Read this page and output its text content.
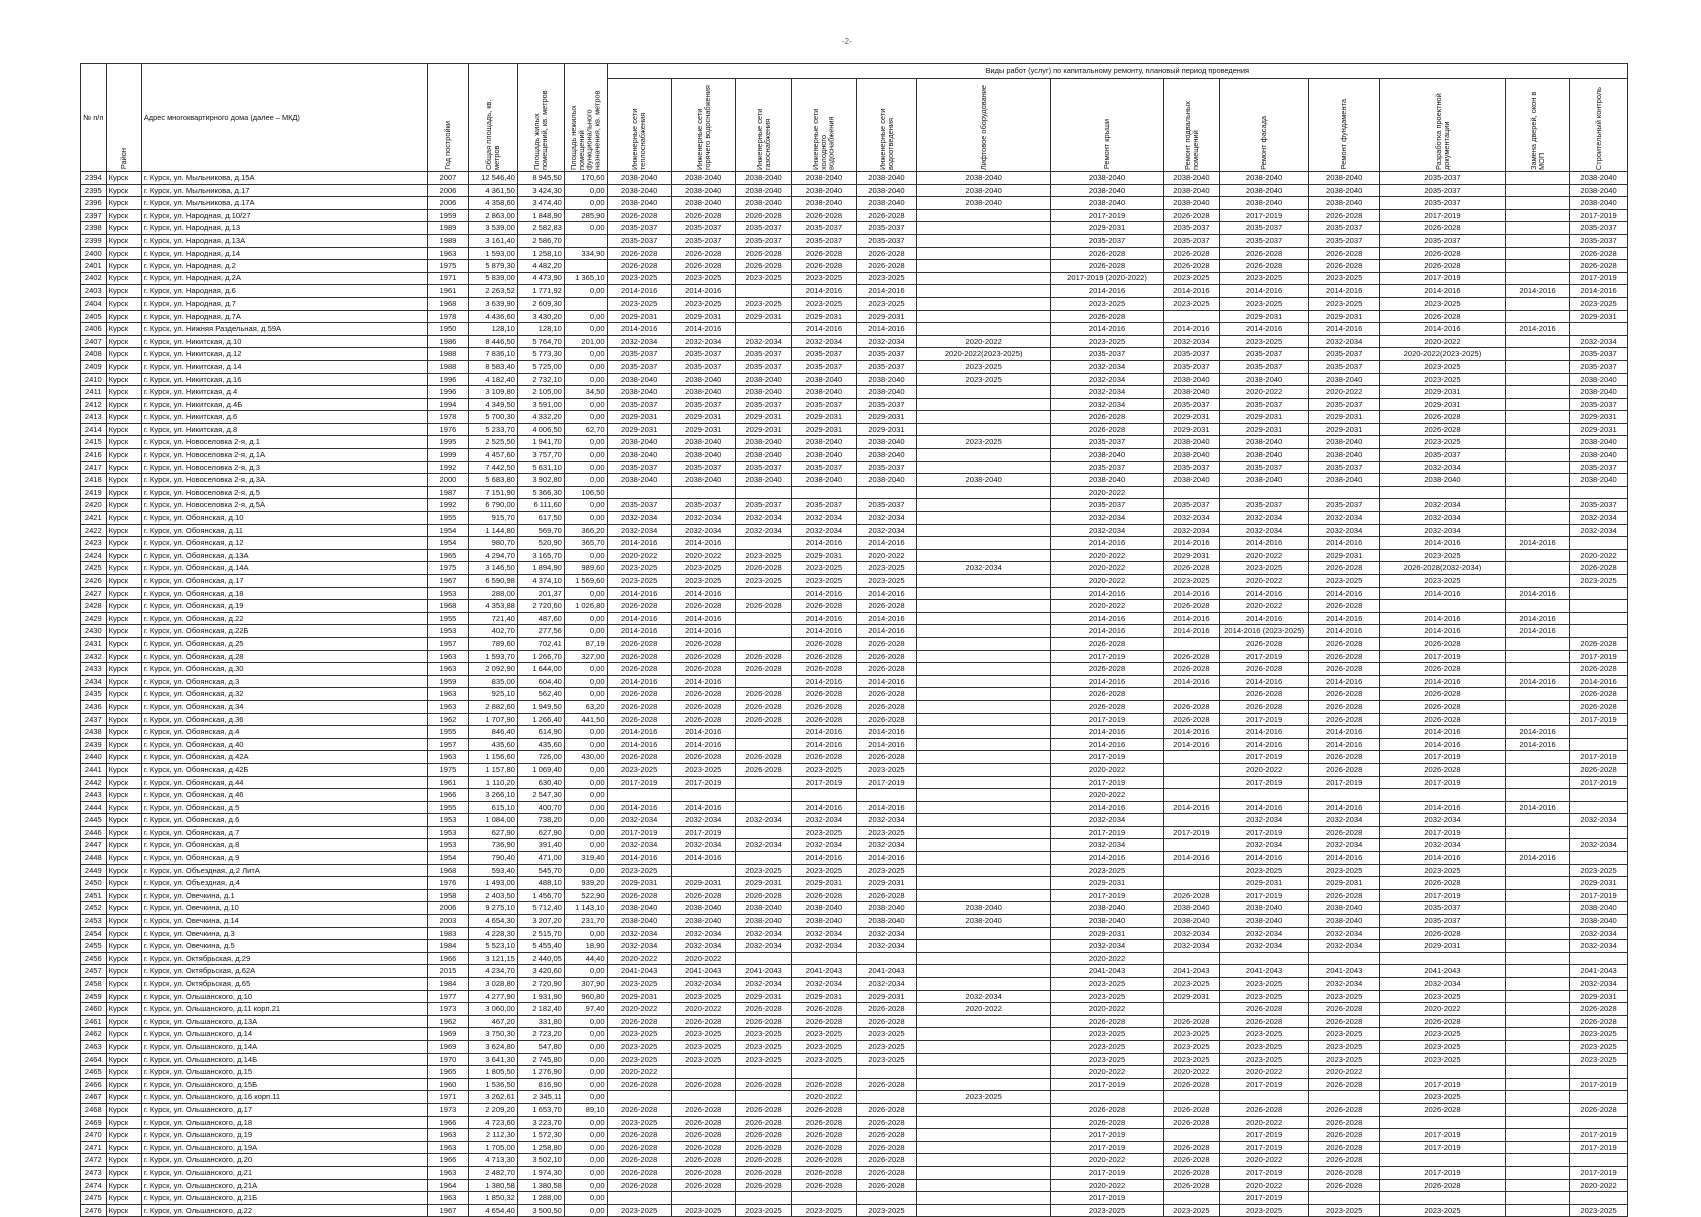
-2-
№ п/п	Район	Адрес многоквартирного дома (далее – МКД)	Год постройки	Общая площадь, кв. метров	Площадь жилых помещений, кв. метров	Площадь нежилых помещений функционального назначения, кв. метров	Виды работ (услуг) по капитальному ремонту, плановый период проведения												
							Инженерные сети теплоснабжения	Инженерные сети горячего водоснабжения	Инженерные сети газоснабжения	Инженерные сети холодного водоснабжения	Инженерные сети водоотведения	Лифтовое оборудование	Ремонт крыши	Ремонт подвальных помещений	Ремонт фасада	Ремонт фундамента	Разработка проектной документации	Замена дверей, окон в МОП	Строительный контроль
2394	Курск	г. Курск, ул. Мыльникова, д.15А	2007	12 546,40	8 945,50	170,60	2038-2040	2038-2040	2038-2040	2038-2040	2038-2040	2038-2040	2038-2040	2038-2040	2038-2040	2038-2040	2035-2037		2038-2040
2395	Курск	г. Курск, ул. Мыльникова, д.17	2006	4 361,50	3 424,30	0,00	2038-2040	2038-2040	2038-2040	2038-2040	2038-2040	2038-2040	2038-2040	2038-2040	2038-2040	2038-2040	2035-2037		2038-2040
2396	Курск	г. Курск, ул. Мыльникова, д.17А	2006	4 358,60	3 474,40	0,00	2038-2040	2038-2040	2038-2040	2038-2040	2038-2040	2038-2040	2038-2040	2038-2040	2038-2040	2038-2040	2035-2037		2038-2040
2397	Курск	г. Курск, ул. Народная, д.10/27	1959	2 863,00	1 848,90	285,90	2026-2028	2026-2028	2026-2028	2026-2028	2026-2028		2017-2019	2026-2028	2017-2019	2026-2028	2017-2019		2017-2019
2398	Курск	г. Курск, ул. Народная, д.13	1989	3 539,00	2 582,83	0,00	2035-2037	2035-2037	2035-2037	2035-2037	2035-2037		2029-2031	2035-2037	2035-2037	2035-2037	2026-2028		2035-2037
2399	Курск	г. Курск, ул. Народная, д.13А	1989	3 161,40	2 586,70		2035-2037	2035-2037	2035-2037	2035-2037	2035-2037		2035-2037	2035-2037	2035-2037	2035-2037	2035-2037		2035-2037
2400	Курск	г. Курск, ул. Народная, д.14	1963	1 593,00	1 258,10	334,90	2026-2028	2026-2028	2026-2028	2026-2028	2026-2028		2026-2028	2026-2028	2026-2028	2026-2028	2026-2028		2026-2028
2401	Курск	г. Курск, ул. Народная, д.2	1975	5 879,30	4 482,20		2026-2028	2026-2028	2026-2028	2026-2028	2026-2028		2026-2028	2026-2028	2026-2028	2026-2028	2026-2028		2026-2028
2402	Курск	г. Курск, ул. Народная, д.2А	1971	5 839,00	4 473,90	1 365,10	2023-2025	2023-2025	2023-2025	2023-2025	2023-2025		2017-2019 (2020-2022)	2023-2025	2023-2025	2023-2025	2017-2019		2017-2019
2403	Курск	г. Курск, ул. Народная, д.6	1961	2 263,52	1 771,92	0,00	2014-2016	2014-2016		2014-2016	2014-2016		2014-2016	2014-2016	2014-2016	2014-2016	2014-2016	2014-2016	2014-2016
2404	Курск	г. Курск, ул. Народная, д.7	1968	3 639,90	2 609,30		2023-2025	2023-2025	2023-2025	2023-2025	2023-2025		2023-2025	2023-2025	2023-2025	2023-2025	2023-2025		2023-2025
2405	Курск	г. Курск, ул. Народная, д.7А	1978	4 436,60	3 430,20	0,00	2029-2031	2029-2031	2029-2031	2029-2031	2029-2031		2026-2028		2029-2031	2029-2031	2026-2028		2029-2031
2406	Курск	г. Курск, ул. Нижняя Раздельная, д.59А	1950	128,10	128,10	0,00	2014-2016	2014-2016		2014-2016	2014-2016		2014-2016	2014-2016	2014-2016	2014-2016	2014-2016	2014-2016	
2407	Курск	г. Курск, ул. Никитская, д.10	1986	8 446,50	5 764,70	201,00	2032-2034	2032-2034	2032-2034	2032-2034	2032-2034	2020-2022	2023-2025	2032-2034	2023-2025	2032-2034	2020-2022		2032-2034
2408	Курск	г. Курск, ул. Никитская, д.12	1988	7 836,10	5 773,30	0,00	2035-2037	2035-2037	2035-2037	2035-2037	2035-2037	2020-2022(2023-2025)	2035-2037	2035-2037	2035-2037	2035-2037	2020-2022(2023-2025)		2035-2037
2409	Курск	г. Курск, ул. Никитская, д.14	1988	8 583,40	5 725,00	0,00	2035-2037	2035-2037	2035-2037	2035-2037	2035-2037	2023-2025	2032-2034	2035-2037	2035-2037	2035-2037	2023-2025		2035-2037
2410	Курск	г. Курск, ул. Никитская, д.16	1996	4 182,40	2 732,10	0,00	2038-2040	2038-2040	2038-2040	2038-2040	2038-2040	2023-2025	2032-2034	2038-2040	2038-2040	2038-2040	2023-2025		2038-2040
2411	Курск	г. Курск, ул. Никитская, д.4	1996	3 109,80	2 105,00	34,50	2038-2040	2038-2040	2038-2040	2038-2040	2038-2040		2032-2034	2038-2040	2020-2022	2020-2022	2029-2031		2038-2040
2412	Курск	г. Курск, ул. Никитская, д.4Б	1994	4 349,50	3 591,00	0,00	2035-2037	2035-2037	2035-2037	2035-2037	2035-2037		2032-2034	2035-2037	2035-2037	2035-2037	2029-2031		2035-2037
2413	Курск	г. Курск, ул. Никитская, д.6	1978	5 700,30	4 332,20	0,00	2029-2031	2029-2031	2029-2031	2029-2031	2029-2031		2026-2028	2029-2031	2029-2031	2029-2031	2026-2028		2029-2031
2414	Курск	г. Курск, ул. Никитская, д.8	1976	5 233,70	4 006,50	62,70	2029-2031	2029-2031	2029-2031	2029-2031	2029-2031		2026-2028	2029-2031	2029-2031	2029-2031	2026-2028		2029-2031
2415	Курск	г. Курск, ул. Новоселовка 2-я, д.1	1995	2 525,50	1 941,70	0,00	2038-2040	2038-2040	2038-2040	2038-2040	2038-2040	2023-2025	2035-2037	2038-2040	2038-2040	2038-2040	2023-2025		2038-2040
2416	Курск	г. Курск, ул. Новоселовка 2-я, д.1А	1999	4 457,60	3 757,70	0,00	2038-2040	2038-2040	2038-2040	2038-2040	2038-2040		2038-2040	2038-2040	2038-2040	2038-2040	2035-2037		2038-2040
2417	Курск	г. Курск, ул. Новоселовка 2-я, д.3	1992	7 442,50	5 631,10	0,00	2035-2037	2035-2037	2035-2037	2035-2037	2035-2037		2035-2037	2035-2037	2035-2037	2035-2037	2032-2034		2035-2037
2418	Курск	г. Курск, ул. Новоселовка 2-я, д.3А	2000	5 683,80	3 902,80	0,00	2038-2040	2038-2040	2038-2040	2038-2040	2038-2040	2038-2040	2038-2040	2038-2040	2038-2040	2038-2040	2038-2040		2038-2040
2419	Курск	г. Курск, ул. Новоселовка 2-я, д.5	1987	7 151,90	5 366,30	106,50							2020-2022						
2420	Курск	г. Курск, ул. Новоселовка 2-я, д.5А	1992	6 790,00	6 111,60	0,00	2035-2037	2035-2037	2035-2037	2035-2037	2035-2037		2035-2037	2035-2037	2035-2037	2035-2037	2032-2034		2035-2037
2421	Курск	г. Курск, ул. Обоянская, д.10	1955	915,70	617,50	0,00	2032-2034	2032-2034	2032-2034	2032-2034	2032-2034		2032-2034	2032-2034	2032-2034	2032-2034	2032-2034		2032-2034
2422	Курск	г. Курск, ул. Обоянская, д.11	1954	1 144,80	569,70	366,20	2032-2034	2032-2034	2032-2034	2032-2034	2032-2034		2032-2034	2032-2034	2032-2034	2032-2034	2032-2034		2032-2034
2423	Курск	г. Курск, ул. Обоянская, д.12	1954	980,70	520,90	365,70	2014-2016	2014-2016		2014-2016	2014-2016		2014-2016	2014-2016	2014-2016	2014-2016	2014-2016	2014-2016	
2424	Курск	г. Курск, ул. Обоянская, д.13А	1965	4 294,70	3 165,70	0,00	2020-2022	2020-2022	2023-2025	2029-2031	2020-2022		2020-2022	2029-2031	2020-2022	2029-2031	2023-2025		2020-2022
2425	Курск	г. Курск, ул. Обоянская, д.14А	1975	3 146,50	1 894,90	989,60	2023-2025	2023-2025	2026-2028	2023-2025	2023-2025	2032-2034	2020-2022	2026-2028	2023-2025	2026-2028	2026-2028(2032-2034)		2026-2028
2426	Курск	г. Курск, ул. Обоянская, д.17	1967	6 590,98	4 374,10	1 569,60	2023-2025	2023-2025	2023-2025	2023-2025	2023-2025		2020-2022	2023-2025	2020-2022	2023-2025	2023-2025		2023-2025
2427	Курск	г. Курск, ул. Обоянская, д.18	1953	288,00	201,37	0,00	2014-2016	2014-2016		2014-2016	2014-2016		2014-2016	2014-2016	2014-2016	2014-2016	2014-2016	2014-2016	
2428	Курск	г. Курск, ул. Обоянская, д.19	1968	4 353,88	2 720,60	1 026,80	2026-2028	2026-2028	2026-2028	2026-2028	2026-2028		2020-2022	2026-2028	2020-2022	2026-2028			
2429	Курск	г. Курск, ул. Обоянская, д.22	1955	721,40	487,60	0,00	2014-2016	2014-2016		2014-2016	2014-2016		2014-2016	2014-2016	2014-2016	2014-2016	2014-2016	2014-2016	
2430	Курск	г. Курск, ул. Обоянская, д.22Б	1953	402,70	277,56	0,00	2014-2016	2014-2016		2014-2016	2014-2016		2014-2016	2014-2016	2014-2016 (2023-2025)	2014-2016	2014-2016	2014-2016	
2431	Курск	г. Курск, ул. Обоянская, д.25	1957	789,60	702,41	87,19	2026-2028	2026-2028		2026-2028	2026-2028		2026-2028		2026-2028	2026-2028	2026-2028		2026-2028
2432	Курск	г. Курск, ул. Обоянская, д.28	1963	1 593,70	1 266,70	327,00	2026-2028	2026-2028	2026-2028	2026-2028	2026-2028		2017-2019	2026-2028	2017-2019	2026-2028	2017-2019		2017-2019
2433	Курск	г. Курск, ул. Обоянская, д.30	1963	2 092,90	1 644,00	0,00	2026-2028	2026-2028	2026-2028	2026-2028	2026-2028		2026-2028	2026-2028	2026-2028	2026-2028	2026-2028		2026-2028
2434	Курск	г. Курск, ул. Обоянская, д.3	1959	835,00	604,40	0,00	2014-2016	2014-2016		2014-2016	2014-2016		2014-2016	2014-2016	2014-2016	2014-2016	2014-2016	2014-2016	2014-2016
2435	Курск	г. Курск, ул. Обоянская, д.32	1963	925,10	562,40	0,00	2026-2028	2026-2028	2026-2028	2026-2028	2026-2028		2026-2028		2026-2028	2026-2028	2026-2028		2026-2028
2436	Курск	г. Курск, ул. Обоянская, д.34	1963	2 882,60	1 949,50	63,20	2026-2028	2026-2028	2026-2028	2026-2028	2026-2028		2026-2028	2026-2028	2026-2028	2026-2028	2026-2028		2026-2028
2437	Курск	г. Курск, ул. Обоянская, д.36	1962	1 707,90	1 266,40	441,50	2026-2028	2026-2028	2026-2028	2026-2028	2026-2028		2017-2019	2026-2028	2017-2019	2026-2028	2026-2028		2017-2019
2438	Курск	г. Курск, ул. Обоянская, д.4	1955	846,40	614,90	0,00	2014-2016	2014-2016		2014-2016	2014-2016		2014-2016	2014-2016	2014-2016	2014-2016	2014-2016	2014-2016	
2439	Курск	г. Курск, ул. Обоянская, д.40	1957	435,60	435,60	0,00	2014-2016	2014-2016		2014-2016	2014-2016		2014-2016	2014-2016	2014-2016	2014-2016	2014-2016	2014-2016	
2440	Курск	г. Курск, ул. Обоянская, д.42А	1963	1 156,60	726,00	430,00	2026-2028	2026-2028	2026-2028	2026-2028	2026-2028		2017-2019		2017-2019	2026-2028	2017-2019		2017-2019
2441	Курск	г. Курск, ул. Обоянская, д.42Б	1975	1 157,80	1 069,40	0,00	2023-2025	2023-2025	2026-2028	2023-2025	2023-2025		2020-2022		2020-2022	2026-2028	2026-2028		2026-2028
2442	Курск	г. Курск, ул. Обоянская, д.44	1961	1 110,20	630,40	0,00	2017-2019	2017-2019		2017-2019	2017-2019		2017-2019		2017-2019	2017-2019	2017-2019		2017-2019
2443	Курск	г. Курск, ул. Обоянская, д.46	1966	3 266,10	2 547,30	0,00							2020-2022						
2444	Курск	г. Курск, ул. Обоянская, д.5	1955	615,10	400,70	0,00	2014-2016	2014-2016		2014-2016	2014-2016		2014-2016	2014-2016	2014-2016	2014-2016	2014-2016	2014-2016	
2445	Курск	г. Курск, ул. Обоянская, д.6	1953	1 084,00	738,20	0,00	2032-2034	2032-2034	2032-2034	2032-2034	2032-2034		2032-2034		2032-2034	2032-2034	2032-2034		2032-2034
2446	Курск	г. Курск, ул. Обоянская, д.7	1953	627,90	627,90	0,00	2017-2019	2017-2019		2023-2025	2023-2025		2017-2019	2017-2019	2017-2019	2026-2028	2017-2019		
2447	Курск	г. Курск, ул. Обоянская, д.8	1953	736,90	391,40	0,00	2032-2034	2032-2034	2032-2034	2032-2034	2032-2034		2032-2034		2032-2034	2032-2034	2032-2034		2032-2034
2448	Курск	г. Курск, ул. Обоянская, д.9	1954	790,40	471,00	319,40	2014-2016	2014-2016		2014-2016	2014-2016		2014-2016	2014-2016	2014-2016	2014-2016	2014-2016	2014-2016	
2449	Курск	г. Курск, ул. Объездная, д.2 ЛитА	1968	593,40	545,70	0,00	2023-2025		2023-2025	2023-2025	2023-2025		2023-2025		2023-2025	2023-2025	2023-2025		2023-2025
2450	Курск	г. Курск, ул. Объездная, д.4	1976	1 493,00	488,10	939,20	2029-2031	2029-2031	2029-2031	2029-2031	2029-2031		2029-2031		2029-2031	2029-2031	2026-2028		2029-2031
2451	Курск	г. Курск, ул. Овечкина, д.1	1958	2 403,50	1 456,70	522,90	2026-2028	2026-2028	2026-2028	2026-2028	2026-2028		2017-2019	2026-2028	2017-2019	2026-2028	2017-2019		2017-2019
2452	Курск	г. Курск, ул. Овечкина, д.10	2006	9 275,10	5 712,40	1 143,10	2038-2040	2038-2040	2038-2040	2038-2040	2038-2040	2038-2040	2038-2040	2038-2040	2038-2040	2038-2040	2035-2037		2038-2040
2453	Курск	г. Курск, ул. Овечкина, д.14	2003	4 654,30	3 207,20	231,70	2038-2040	2038-2040	2038-2040	2038-2040	2038-2040	2038-2040	2038-2040	2038-2040	2038-2040	2038-2040	2035-2037		2038-2040
2454	Курск	г. Курск, ул. Овечкина, д.3	1983	4 228,30	2 515,70	0,00	2032-2034	2032-2034	2032-2034	2032-2034	2032-2034		2029-2031	2032-2034	2032-2034	2032-2034	2026-2028		2032-2034
2455	Курск	г. Курск, ул. Овечкина, д.5	1984	5 523,10	5 455,40	18,90	2032-2034	2032-2034	2032-2034	2032-2034	2032-2034		2032-2034	2032-2034	2032-2034	2032-2034	2029-2031		2032-2034
2456	Курск	г. Курск, ул. Октябрьская, д.29	1966	3 121,15	2 440,05	44,40	2020-2022	2020-2022					2020-2022						
2457	Курск	г. Курск, ул. Октябрьская, д.62А	2015	4 234,70	3 420,60	0,00	2041-2043	2041-2043	2041-2043	2041-2043	2041-2043		2041-2043	2041-2043	2041-2043	2041-2043	2041-2043		2041-2043
2458	Курск	г. Курск, ул. Октябрьская, д.65	1984	3 028,80	2 720,90	307,90	2023-2025	2032-2034	2032-2034	2032-2034	2032-2034		2023-2025	2023-2025	2023-2025	2032-2034	2032-2034		2032-2034
2459	Курск	г. Курск, ул. Ольшанского, д.10	1977	4 277,90	1 931,90	960,80	2029-2031	2023-2025	2029-2031	2029-2031	2029-2031	2032-2034	2023-2025	2029-2031	2023-2025	2023-2025	2023-2025		2029-2031
2460	Курск	г. Курск, ул. Ольшанского, д.11 корп.21	1973	3 060,00	2 182,40	97,40	2020-2022	2020-2022	2026-2028	2026-2028	2026-2028	2020-2022	2020-2022		2026-2028	2026-2028	2020-2022		2026-2028
2461	Курск	г. Курск, ул. Ольшанского, д.13А	1962	467,20	331,80	0,00	2026-2028	2026-2028	2026-2028	2026-2028	2026-2028		2026-2028	2026-2028	2026-2028	2026-2028	2026-2028		2026-2028
2462	Курск	г. Курск, ул. Ольшанского, д.14	1969	3 750,30	2 723,20	0,00	2023-2025	2023-2025	2023-2025	2023-2025	2023-2025		2023-2025	2023-2025	2023-2025	2023-2025	2023-2025		2023-2025
2463	Курск	г. Курск, ул. Ольшанского, д.14А	1969	3 624,80	547,80	0,00	2023-2025	2023-2025	2023-2025	2023-2025	2023-2025		2023-2025	2023-2025	2023-2025	2023-2025	2023-2025		2023-2025
2464	Курск	г. Курск, ул. Ольшанского, д.14Б	1970	3 641,30	2 745,80	0,00	2023-2025	2023-2025	2023-2025	2023-2025	2023-2025		2023-2025	2023-2025	2023-2025	2023-2025	2023-2025		2023-2025
2465	Курск	г. Курск, ул. Ольшанского, д.15	1965	1 805,50	1 276,90	0,00	2020-2022						2020-2022	2020-2022	2020-2022	2020-2022			
2466	Курск	г. Курск, ул. Ольшанского, д.15Б	1960	1 536,50	816,90	0,00	2026-2028	2026-2028	2026-2028	2026-2028	2026-2028		2017-2019	2026-2028	2017-2019	2026-2028	2017-2019		2017-2019
2467	Курск	г. Курск, ул. Ольшанского, д.16 корп.11	1971	3 262,61	2 345,11	0,00				2020-2022		2023-2025					2023-2025		
2468	Курск	г. Курск, ул. Ольшанского, д.17	1973	2 209,20	1 653,70	89,10	2026-2028	2026-2028	2026-2028	2026-2028	2026-2028		2026-2028	2026-2028	2026-2028	2026-2028	2026-2028		2026-2028
2469	Курск	г. Курск, ул. Ольшанского, д.18	1966	4 723,60	3 223,70	0,00	2023-2025	2026-2028	2026-2028	2026-2028	2026-2028		2026-2028	2026-2028	2020-2022	2026-2028			
2470	Курск	г. Курск, ул. Ольшанского, д.19	1963	2 112,30	1 572,30	0,00	2026-2028	2026-2028	2026-2028	2026-2028	2026-2028		2017-2019		2017-2019	2026-2028	2017-2019		2017-2019
2471	Курск	г. Курск, ул. Ольшанского, д.19А	1963	1 705,00	1 258,80	0,00	2026-2028	2026-2028	2026-2028	2026-2028	2026-2028		2017-2019	2026-2028	2017-2019	2026-2028	2017-2019		2017-2019
2472	Курск	г. Курск, ул. Ольшанского, д.20	1966	4 713,30	3 502,10	0,00	2026-2028	2026-2028	2026-2028	2026-2028	2026-2028		2020-2022	2026-2028	2020-2022	2026-2028			
2473	Курск	г. Курск, ул. Ольшанского, д.21	1963	2 482,70	1 974,30	0,00	2026-2028	2026-2028	2026-2028	2026-2028	2026-2028		2017-2019	2026-2028	2017-2019	2026-2028	2017-2019		2017-2019
2474	Курск	г. Курск, ул. Ольшанского, д.21А	1964	1 380,58	1 380,58	0,00	2026-2028	2026-2028	2026-2028	2026-2028	2026-2028		2020-2022	2026-2028	2020-2022	2026-2028	2026-2028		2020-2022
2475	Курск	г. Курск, ул. Ольшанского, д.21Б	1963	1 850,32	1 288,00	0,00							2017-2019		2017-2019				
2476	Курск	г. Курск, ул. Ольшанского, д.22	1967	4 654,40	3 500,50	0,00	2023-2025	2023-2025	2023-2025	2023-2025	2023-2025		2023-2025	2023-2025	2023-2025	2023-2025	2023-2025		2023-2025
